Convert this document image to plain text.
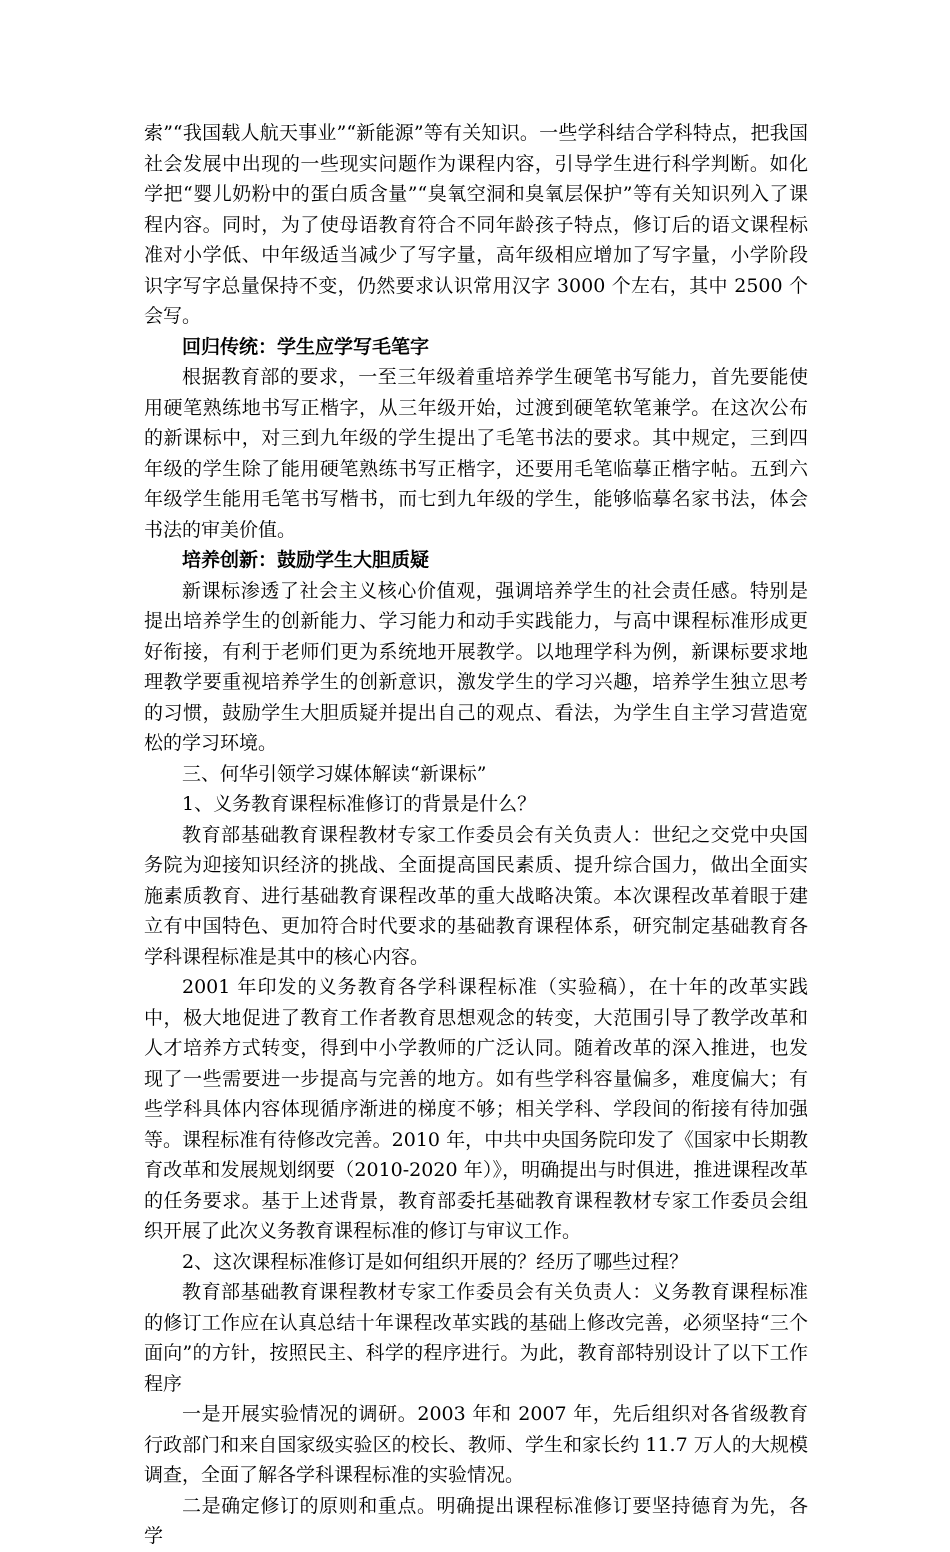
索”“我国载人航天事业”“新能源”等有关知识。一些学科结合学科特点，把我国社会发展中出现的一些现实问题作为课程内容，引导学生进行科学判断。如化学把“婴儿奶粉中的蛋白质含量”“臭氧空洞和臭氧层保护”等有关知识列入了课程内容。同时，为了使母语教育符合不同年龄孩子特点，修订后的语文课程标准对小学低、中年级适当减少了写字量，高年级相应增加了写字量，小学阶段识字写字总量保持不变，仍然要求认识常用汉字 3000 个左右，其中 2500 个会写。

回归传统：学生应学写毛笔字

根据教育部的要求，一至三年级着重培养学生硬笔书写能力，首先要能使用硬笔熟练地书写正楷字，从三年级开始，过渡到硬笔软笔兼学。在这次公布的新课标中，对三到九年级的学生提出了毛笔书法的要求。其中规定，三到四年级的学生除了能用硬笔熟练书写正楷字，还要用毛笔临摹正楷字帖。五到六年级学生能用毛笔书写楷书，而七到九年级的学生，能够临摹名家书法，体会书法的审美价值。

培养创新：鼓励学生大胆质疑

新课标渗透了社会主义核心价值观，强调培养学生的社会责任感。特别是提出培养学生的创新能力、学习能力和动手实践能力，与高中课程标准形成更好衔接，有利于老师们更为系统地开展教学。以地理学科为例，新课标要求地理教学要重视培养学生的创新意识，激发学生的学习兴趣，培养学生独立思考的习惯，鼓励学生大胆质疑并提出自己的观点、看法，为学生自主学习营造宽松的学习环境。

三、何华引领学习媒体解读“新课标”

1、义务教育课程标准修订的背景是什么？

教育部基础教育课程教材专家工作委员会有关负责人：世纪之交党中央国务院为迎接知识经济的挑战、全面提高国民素质、提升综合国力，做出全面实施素质教育、进行基础教育课程改革的重大战略决策。本次课程改革着眼于建立有中国特色、更加符合时代要求的基础教育课程体系，研究制定基础教育各学科课程标准是其中的核心内容。

2001 年印发的义务教育各学科课程标准（实验稿），在十年的改革实践中，极大地促进了教育工作者教育思想观念的转变，大范围引导了教学改革和人才培养方式转变，得到中小学教师的广泛认同。随着改革的深入推进，也发现了一些需要进一步提高与完善的地方。如有些学科容量偏多，难度偏大；有些学科具体内容体现循序渐进的梯度不够；相关学科、学段间的衔接有待加强等。课程标准有待修改完善。2010 年，中共中央国务院印发了《国家中长期教育改革和发展规划纲要（2010-2020 年）》，明确提出与时俱进，推进课程改革的任务要求。基于上述背景，教育部委托基础教育课程教材专家工作委员会组织开展了此次义务教育课程标准的修订与审议工作。

2、这次课程标准修订是如何组织开展的？经历了哪些过程？

教育部基础教育课程教材专家工作委员会有关负责人：义务教育课程标准的修订工作应在认真总结十年课程改革实践的基础上修改完善，必须坚持“三个面向”的方针，按照民主、科学的程序进行。为此，教育部特别设计了以下工作程序

一是开展实验情况的调研。2003 年和 2007 年，先后组织对各省级教育行政部门和来自国家级实验区的校长、教师、学生和家长约 11.7 万人的大规模调查，全面了解各学科课程标准的实验情况。

二是确定修订的原则和重点。明确提出课程标准修订要坚持德育为先，各学
